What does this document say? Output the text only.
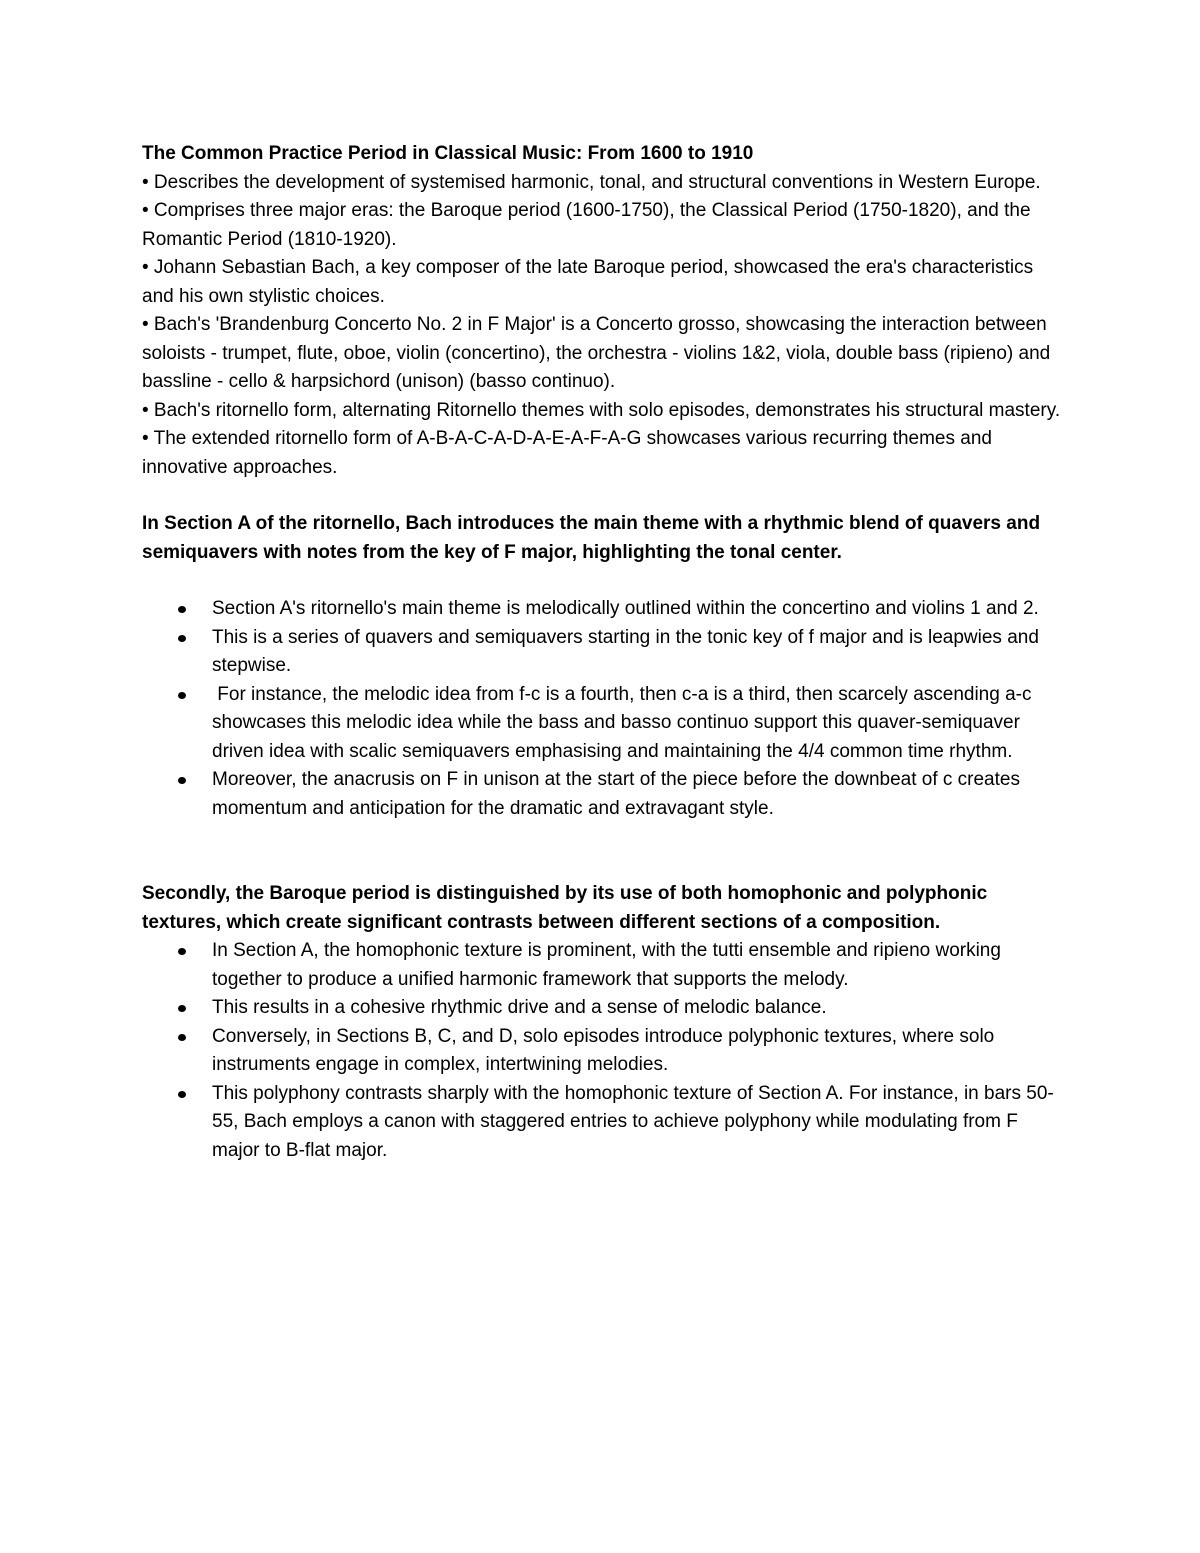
The Common Practice Period in Classical Music: From 1600 to 1910

• Describes the development of systemised harmonic, tonal, and structural conventions in Western Europe.

• Comprises three major eras: the Baroque period (1600-1750), the Classical Period (1750-1820), and the Romantic Period (1810-1920).

• Johann Sebastian Bach, a key composer of the late Baroque period, showcased the era's characteristics and his own stylistic choices.

• Bach's 'Brandenburg Concerto No. 2 in F Major' is a Concerto grosso, showcasing the interaction between soloists - trumpet, flute, oboe, violin (concertino), the orchestra - violins 1&2, viola, double bass (ripieno) and bassline - cello & harpsichord (unison) (basso continuo).

• Bach's ritornello form, alternating Ritornello themes with solo episodes, demonstrates his structural mastery.

• The extended ritornello form of A-B-A-C-A-D-A-E-A-F-A-G showcases various recurring themes and innovative approaches.

In Section A of the ritornello, Bach introduces the main theme with a rhythmic blend of quavers and semiquavers with notes from the key of F major, highlighting the tonal center.

Section A's ritornello's main theme is melodically outlined within the concertino and violins 1 and 2.
This is a series of quavers and semiquavers starting in the tonic key of f major and is leapwies and stepwise.
For instance, the melodic idea from f-c is a fourth, then c-a is a third, then scarcely ascending a-c showcases this melodic idea while the bass and basso continuo support this quaver-semiquaver driven idea with scalic semiquavers emphasising and maintaining the 4/4 common time rhythm.
Moreover, the anacrusis on F in unison at the start of the piece before the downbeat of c creates momentum and anticipation for the dramatic and extravagant style.

Secondly, the Baroque period is distinguished by its use of both homophonic and polyphonic textures, which create significant contrasts between different sections of a composition.

In Section A, the homophonic texture is prominent, with the tutti ensemble and ripieno working together to produce a unified harmonic framework that supports the melody.
This results in a cohesive rhythmic drive and a sense of melodic balance.
Conversely, in Sections B, C, and D, solo episodes introduce polyphonic textures, where solo instruments engage in complex, intertwining melodies.
This polyphony contrasts sharply with the homophonic texture of Section A. For instance, in bars 50-55, Bach employs a canon with staggered entries to achieve polyphony while modulating from F major to B-flat major.
